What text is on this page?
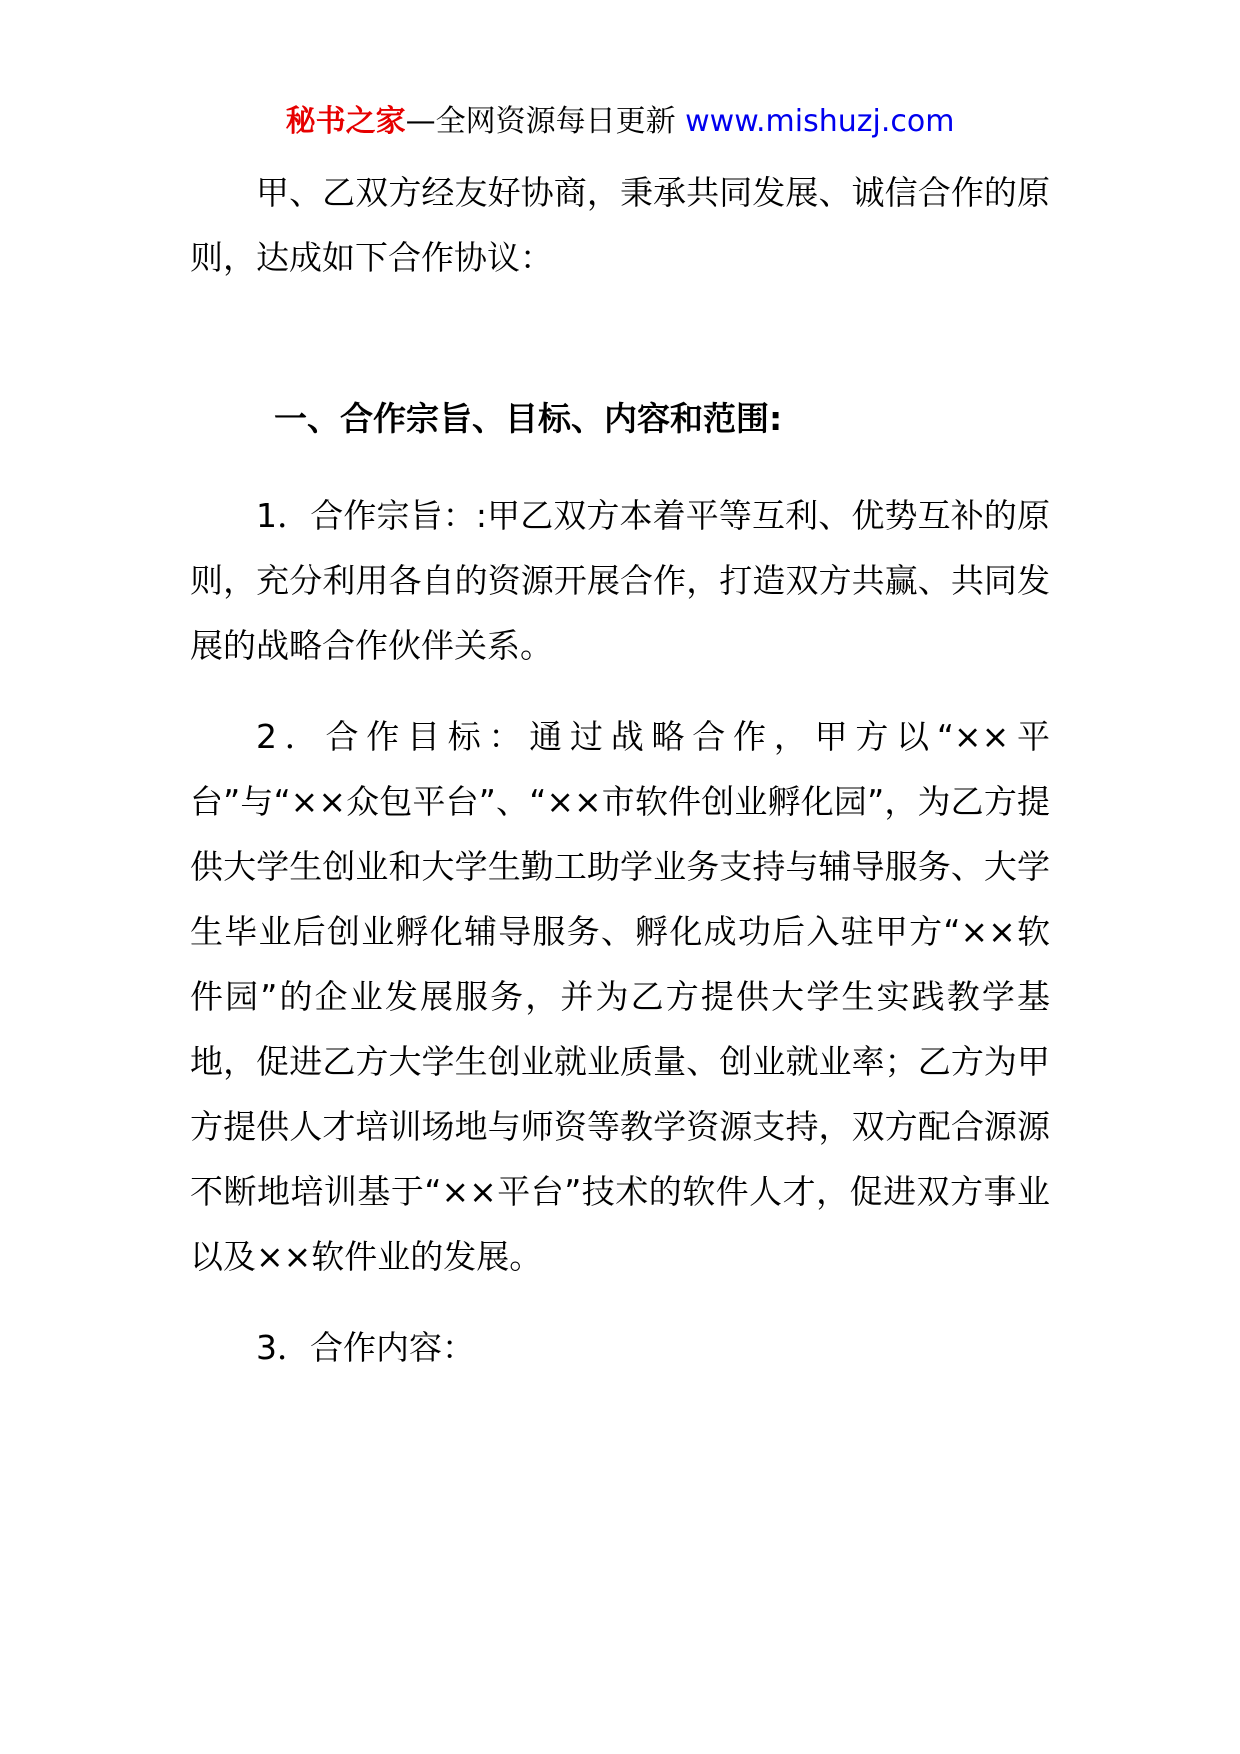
秘书之家—全网资源每日更新 www.mishuzj.com

甲、乙双方经友好协商，秉承共同发展、诚信合作的原则，达成如下合作协议：

一、合作宗旨、目标、内容和范围:

1．合作宗旨：:甲乙双方本着平等互利、优势互补的原则，充分利用各自的资源开展合作，打造双方共赢、共同发展的战略合作伙伴关系。

2．合作目标：通过战略合作，甲方以“××平台”与“××众包平台”、“××市软件创业孵化园”，为乙方提供大学生创业和大学生勤工助学业务支持与辅导服务、大学生毕业后创业孵化辅导服务、孵化成功后入驻甲方“××软件园”的企业发展服务，并为乙方提供大学生实践教学基地，促进乙方大学生创业就业质量、创业就业率；乙方为甲方提供人才培训场地与师资等教学资源支持，双方配合源源不断地培训基于“××平台”技术的软件人才，促进双方事业以及××软件业的发展。

3．合作内容：
